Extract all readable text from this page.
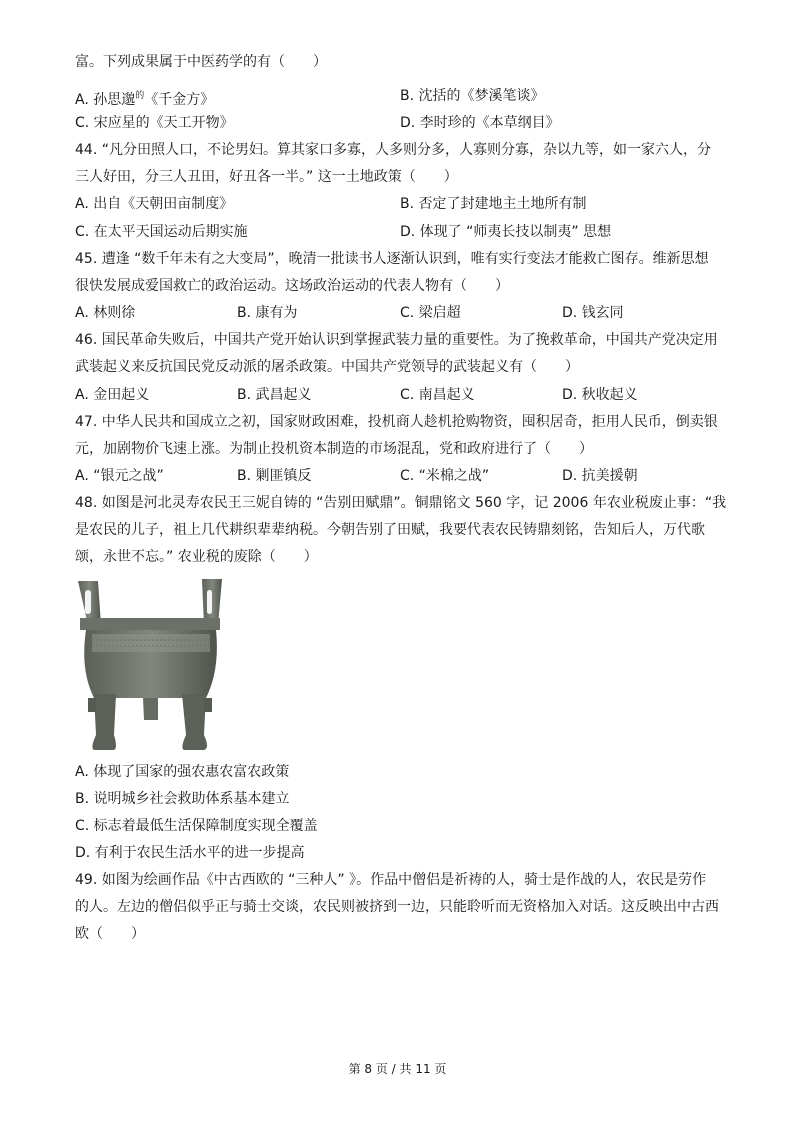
富。下列成果属于中医药学的有（　　）
A. 孙思邈$^的$《千金方》	B. 沈括的《梦溪笔谈》
C. 宋应星的《天工开物》	D. 李时珍的《本草纲目》
44. “凡分田照人口，不论男妇。算其家口多寡，人多则分多，人寡则分寡，杂以九等，如一家六人，分
三人好田，分三人丑田，好丑各一半。” 这一土地政策（　　）
A. 出自《天朝田亩制度》	B. 否定了封建地主土地所有制
C. 在太平天国运动后期实施	D. 体现了 “师夷长技以制夷” 思想
45. 遭逢 “数千年未有之大变局”，晚清一批读书人逐渐认识到，唯有实行变法才能救亡图存。维新思想
很快发展成爱国救亡的政治运动。这场政治运动的代表人物有（　　）
A. 林则徐	B. 康有为	C. 梁启超	D. 钱玄同
46. 国民革命失败后，中国共产党开始认识到掌握武装力量的重要性。为了挽救革命，中国共产党决定用
武装起义来反抗国民党反动派的屠杀政策。中国共产党领导的武装起义有（　　）
A. 金田起义	B. 武昌起义	C. 南昌起义	D. 秋收起义
47. 中华人民共和国成立之初，国家财政困难，投机商人趁机抢购物资，囤积居奇，拒用人民币，倒卖银
元，加剧物价飞速上涨。为制止投机资本制造的市场混乱，党和政府进行了（　　）
A. “银元之战”	B. 剿匪镇反	C. “米棉之战”	D. 抗美援朝
48. 如图是河北灵寿农民王三妮自铸的 “告别田赋鼎”。铜鼎铭文 560 字，记 2006 年农业税废止事：“我
是农民的儿子，祖上几代耕织辈辈纳税。今朝告别了田赋，我要代表农民铸鼎刻铭，告知后人，万代歌
颂，永世不忘。” 农业税的废除（　　）
A. 体现了国家的强农惠农富农政策
B. 说明城乡社会救助体系基本建立
C. 标志着最低生活保障制度实现全覆盖
D. 有利于农民生活水平的进一步提高
49. 如图为绘画作品《中古西欧的 “三种人” 》。作品中僧侣是祈祷的人，骑士是作战的人，农民是劳作
的人。左边的僧侣似乎正与骑士交谈，农民则被挤到一边，只能聆听而无资格加入对话。这反映出中古西
欧（　　）
第 8 页 / 共 11 页
